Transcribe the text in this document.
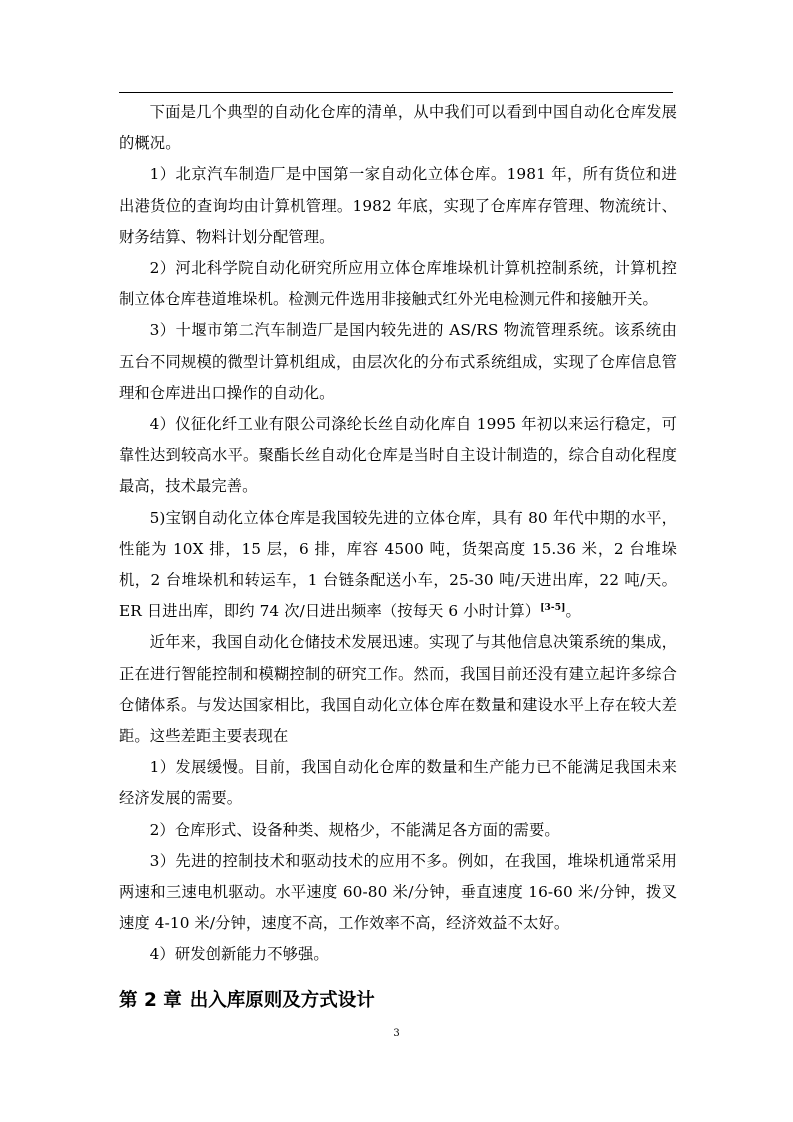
下面是几个典型的自动化仓库的清单，从中我们可以看到中国自动化仓库发展的概况。

1）北京汽车制造厂是中国第一家自动化立体仓库。1981 年，所有货位和进出港货位的查询均由计算机管理。1982 年底，实现了仓库库存管理、物流统计、财务结算、物料计划分配管理。

2）河北科学院自动化研究所应用立体仓库堆垛机计算机控制系统，计算机控制立体仓库巷道堆垛机。检测元件选用非接触式红外光电检测元件和接触开关。

3）十堰市第二汽车制造厂是国内较先进的 AS/RS 物流管理系统。该系统由五台不同规模的微型计算机组成，由层次化的分布式系统组成，实现了仓库信息管理和仓库进出口操作的自动化。

4）仪征化纤工业有限公司涤纶长丝自动化库自 1995 年初以来运行稳定，可靠性达到较高水平。聚酯长丝自动化仓库是当时自主设计制造的，综合自动化程度最高，技术最完善。

5)宝钢自动化立体仓库是我国较先进的立体仓库，具有 80 年代中期的水平，性能为 10X 排，15 层，6 排，库容 4500 吨，货架高度 15.36 米，2 台堆垛机，2 台堆垛机和转运车，1 台链条配送小车，25-30 吨/天进出库，22 吨/天。ER 日进出库，即约 74 次/日进出频率（按每天 6 小时计算）[3-5]。

近年来，我国自动化仓储技术发展迅速。实现了与其他信息决策系统的集成，正在进行智能控制和模糊控制的研究工作。然而，我国目前还没有建立起许多综合仓储体系。与发达国家相比，我国自动化立体仓库在数量和建设水平上存在较大差距。这些差距主要表现在

1）发展缓慢。目前，我国自动化仓库的数量和生产能力已不能满足我国未来经济发展的需要。

2）仓库形式、设备种类、规格少，不能满足各方面的需要。

3）先进的控制技术和驱动技术的应用不多。例如，在我国，堆垛机通常采用两速和三速电机驱动。水平速度 60-80 米/分钟，垂直速度 16-60 米/分钟，拨叉速度 4-10 米/分钟，速度不高，工作效率不高，经济效益不太好。

4）研发创新能力不够强。

第 2 章 出入库原则及方式设计
3
